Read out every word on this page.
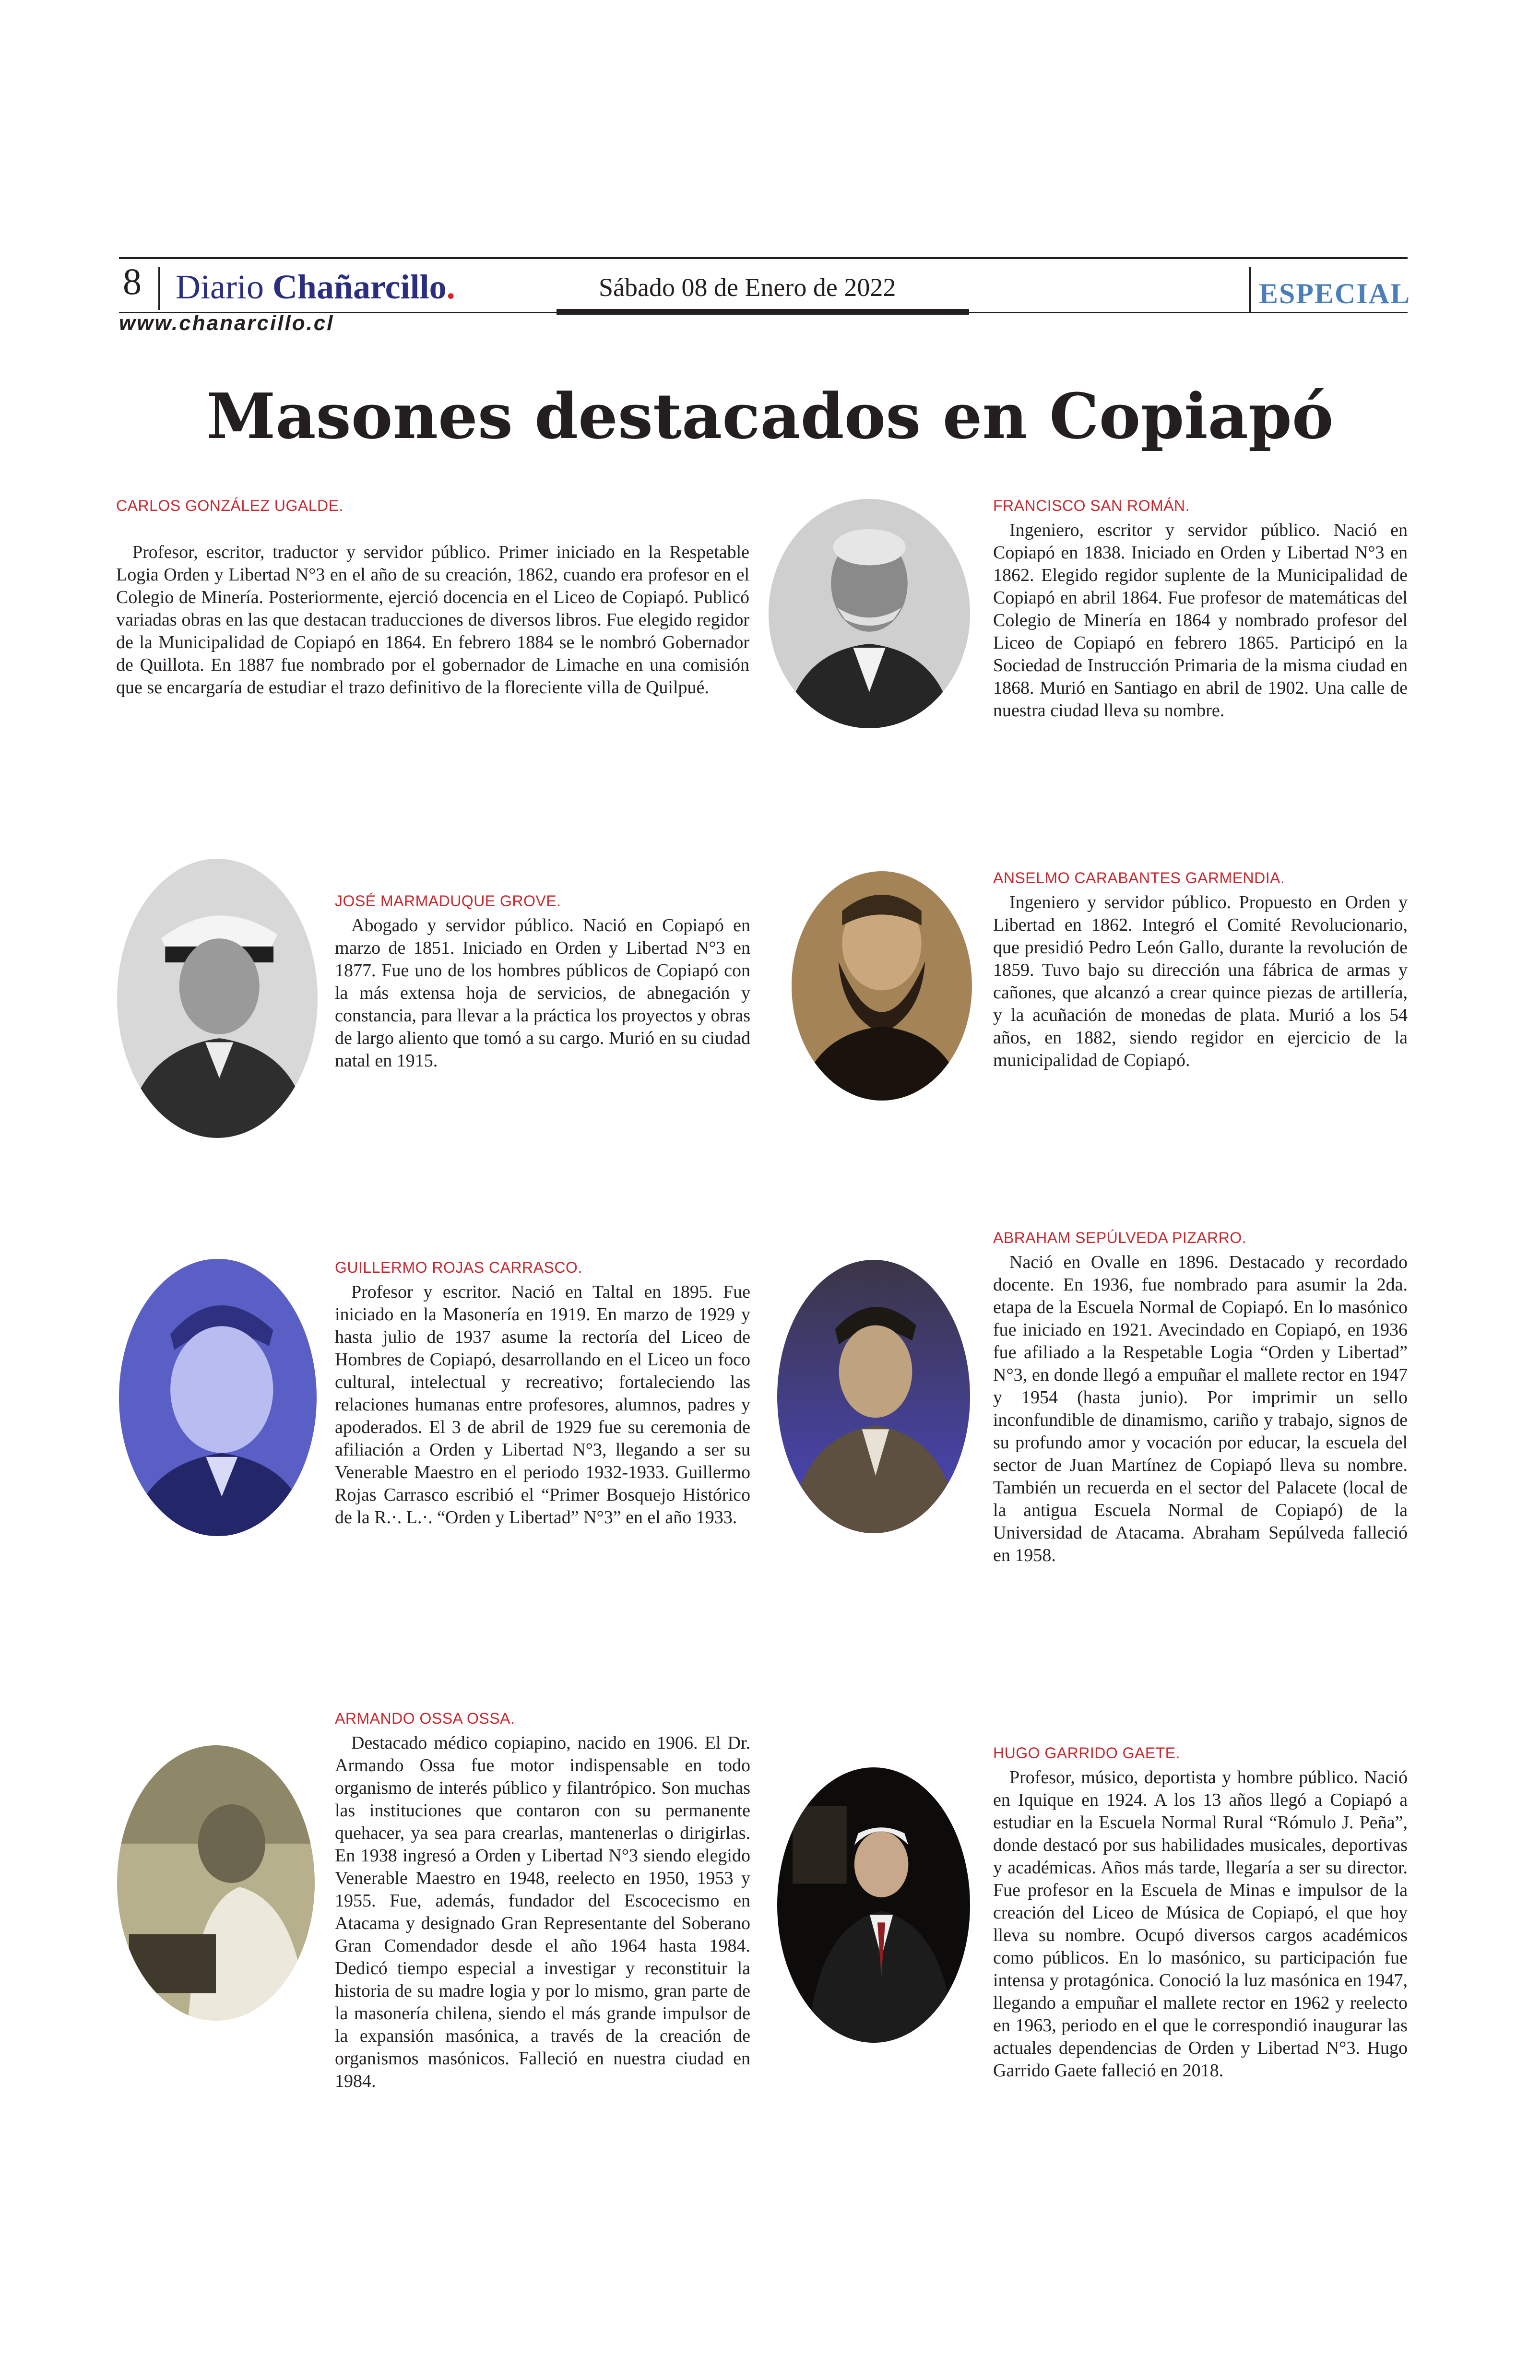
8 Diario Chañarcillo.	Sábado 08 de Enero de 2022	ESPECIAL
www.chanarcillo.cl
Masones destacados en Copiapó
CARLOS GONZÁLEZ UGALDE.
Profesor, escritor, traductor y servidor público. Primer iniciado en la Respetable Logia Orden y Libertad N°3 en el año de su creación, 1862, cuando era profesor en el Colegio de Minería. Posteriormente, ejerció docencia en el Liceo de Copiapó. Publicó variadas obras en las que destacan traducciones de diversos libros. Fue elegido regidor de la Municipalidad de Copiapó en 1864. En febrero 1884 se le nombró Gobernador de Quillota. En 1887 fue nombrado por el gobernador de Limache en una comisión que se encargaría de estudiar el trazo definitivo de la floreciente villa de Quilpué.
FRANCISCO SAN ROMÁN.
Ingeniero, escritor y servidor público. Nació en Copiapó en 1838. Iniciado en Orden y Libertad N°3 en 1862. Elegido regidor suplente de la Municipalidad de Copiapó en abril 1864. Fue profesor de matemáticas del Colegio de Minería en 1864 y nombrado profesor del Liceo de Copiapó en febrero 1865. Participó en la Sociedad de Instrucción Primaria de la misma ciudad en 1868. Murió en Santiago en abril de 1902. Una calle de nuestra ciudad lleva su nombre.
JOSÉ MARMADUQUE GROVE.
Abogado y servidor público. Nació en Copiapó en marzo de 1851. Iniciado en Orden y Libertad N°3 en 1877. Fue uno de los hombres públicos de Copiapó con la más extensa hoja de servicios, de abnegación y constancia, para llevar a la práctica los proyectos y obras de largo aliento que tomó a su cargo. Murió en su ciudad natal en 1915.
ANSELMO CARABANTES GARMENDIA.
Ingeniero y servidor público. Propuesto en Orden y Libertad en 1862. Integró el Comité Revolucionario, que presidió Pedro León Gallo, durante la revolución de 1859. Tuvo bajo su dirección una fábrica de armas y cañones, que alcanzó a crear quince piezas de artillería, y la acuñación de monedas de plata. Murió a los 54 años, en 1882, siendo regidor en ejercicio de la municipalidad de Copiapó.
GUILLERMO ROJAS CARRASCO.
Profesor y escritor. Nació en Taltal en 1895. Fue iniciado en la Masonería en 1919. En marzo de 1929 y hasta julio de 1937 asume la rectoría del Liceo de Hombres de Copiapó, desarrollando en el Liceo un foco cultural, intelectual y recreativo; fortaleciendo las relaciones humanas entre profesores, alumnos, padres y apoderados. El 3 de abril de 1929 fue su ceremonia de afiliación a Orden y Libertad N°3, llegando a ser su Venerable Maestro en el periodo 1932-1933. Guillermo Rojas Carrasco escribió el “Primer Bosquejo Histórico de la R.·. L.·. “Orden y Libertad” N°3” en el año 1933.
ABRAHAM SEPÚLVEDA PIZARRO.
Nació en Ovalle en 1896. Destacado y recordado docente. En 1936, fue nombrado para asumir la 2da. etapa de la Escuela Normal de Copiapó. En lo masónico fue iniciado en 1921. Avecindado en Copiapó, en 1936 fue afiliado a la Respetable Logia “Orden y Libertad” N°3, en donde llegó a empuñar el mallete rector en 1947 y 1954 (hasta junio). Por imprimir un sello inconfundible de dinamismo, cariño y trabajo, signos de su profundo amor y vocación por educar, la escuela del sector de Juan Martínez de Copiapó lleva su nombre. También un recuerda en el sector del Palacete (local de la antigua Escuela Normal de Copiapó) de la Universidad de Atacama. Abraham Sepúlveda falleció en 1958.
ARMANDO OSSA OSSA.
Destacado médico copiapino, nacido en 1906. El Dr. Armando Ossa fue motor indispensable en todo organismo de interés público y filantrópico. Son muchas las instituciones que contaron con su permanente quehacer, ya sea para crearlas, mantenerlas o dirigirlas. En 1938 ingresó a Orden y Libertad N°3 siendo elegido Venerable Maestro en 1948, reelecto en 1950, 1953 y 1955. Fue, además, fundador del Escocecismo en Atacama y designado Gran Representante del Soberano Gran Comendador desde el año 1964 hasta 1984. Dedicó tiempo especial a investigar y reconstituir la historia de su madre logia y por lo mismo, gran parte de la masonería chilena, siendo el más grande impulsor de la expansión masónica, a través de la creación de organismos masónicos. Falleció en nuestra ciudad en 1984.
HUGO GARRIDO GAETE.
Profesor, músico, deportista y hombre público. Nació en Iquique en 1924. A los 13 años llegó a Copiapó a estudiar en la Escuela Normal Rural “Rómulo J. Peña”, donde destacó por sus habilidades musicales, deportivas y académicas. Años más tarde, llegaría a ser su director. Fue profesor en la Escuela de Minas e impulsor de la creación del Liceo de Música de Copiapó, el que hoy lleva su nombre. Ocupó diversos cargos académicos como públicos. En lo masónico, su participación fue intensa y protagónica. Conoció la luz masónica en 1947, llegando a empuñar el mallete rector en 1962 y reelecto en 1963, periodo en el que le correspondió inaugurar las actuales dependencias de Orden y Libertad N°3. Hugo Garrido Gaete falleció en 2018.
